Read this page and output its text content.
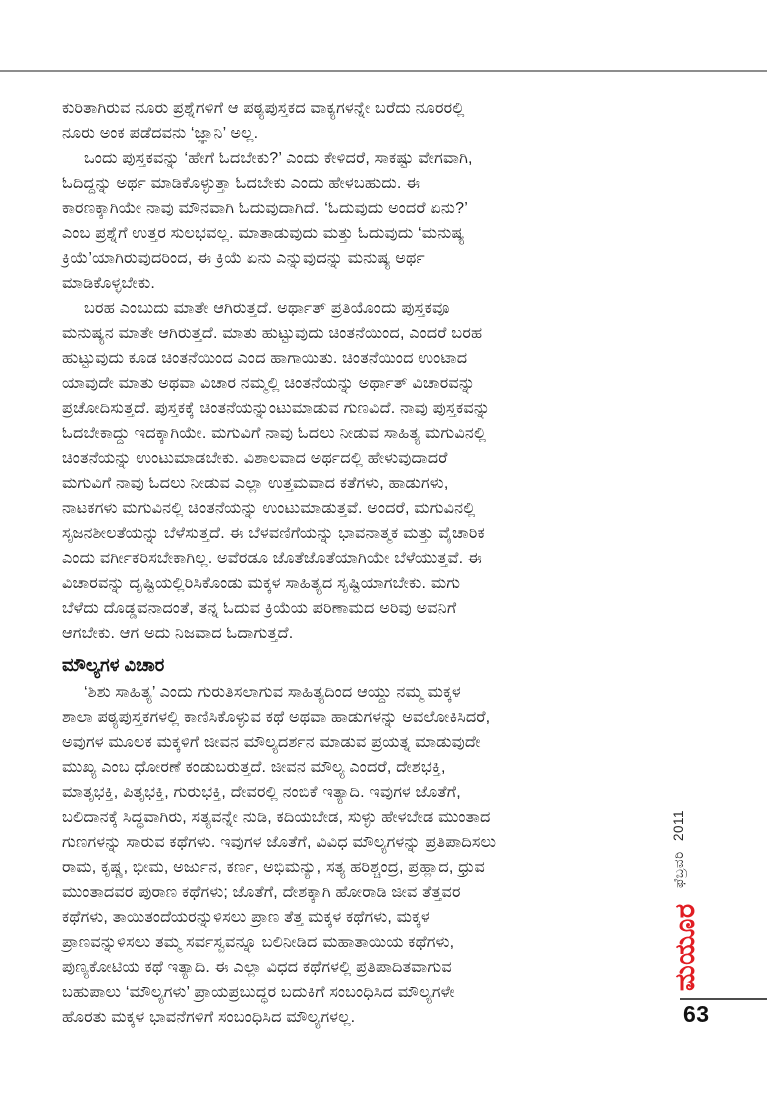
ಕುರಿತಾಗಿರುವ ನೂರು ಪ್ರಶ್ನೆಗಳಿಗೆ ಆ ಪಠ್ಯಪುಸ್ತಕದ ವಾಕ್ಯಗಳನ್ನೇ ಬರೆದು ನೂರರಲ್ಲಿ
ನೂರು ಅಂಕ ಪಡೆದವನು ‘ಜ್ಞಾನಿ’ ಅಲ್ಲ.
ಒಂದು ಪುಸ್ತಕವನ್ನು ‘ಹೇಗೆ ಓದಬೇಕು?’ ಎಂದು ಕೇಳಿದರೆ, ಸಾಕಷ್ಟು ವೇಗವಾಗಿ,
ಓದಿದ್ದನ್ನು ಅರ್ಥ ಮಾಡಿಕೊಳ್ಳುತ್ತಾ ಓದಬೇಕು ಎಂದು ಹೇಳಬಹುದು. ಈ
ಕಾರಣಕ್ಕಾಗಿಯೇ ನಾವು ಮೌನವಾಗಿ ಓದುವುದಾಗಿದೆ. ‘ಓದುವುದು ಅಂದರೆ ಏನು?’
ಎಂಬ ಪ್ರಶ್ನೆಗೆ ಉತ್ತರ ಸುಲಭವಲ್ಲ. ಮಾತಾಡುವುದು ಮತ್ತು ಓದುವುದು ‘ಮನುಷ್ಯ
ಕ್ರಿಯೆ’ಯಾಗಿರುವುದರಿಂದ, ಈ ಕ್ರಿಯೆ ಏನು ಎನ್ನುವುದನ್ನು ಮನುಷ್ಯ ಅರ್ಥ
ಮಾಡಿಕೊಳ್ಳಬೇಕು.
ಬರಹ ಎಂಬುದು ಮಾತೇ ಆಗಿರುತ್ತದೆ. ಅರ್ಥಾತ್ ಪ್ರತಿಯೊಂದು ಪುಸ್ತಕವೂ
ಮನುಷ್ಯನ ಮಾತೇ ಆಗಿರುತ್ತದೆ. ಮಾತು ಹುಟ್ಟುವುದು ಚಿಂತನೆಯಿಂದ, ಎಂದರೆ ಬರಹ
ಹುಟ್ಟುವುದು ಕೂಡ ಚಿಂತನೆಯಿಂದ ಎಂದ ಹಾಗಾಯಿತು. ಚಿಂತನೆಯಿಂದ ಉಂಟಾದ
ಯಾವುದೇ ಮಾತು ಅಥವಾ ವಿಚಾರ ನಮ್ಮಲ್ಲಿ ಚಿಂತನೆಯನ್ನು ಅರ್ಥಾತ್ ವಿಚಾರವನ್ನು
ಪ್ರಚೋದಿಸುತ್ತದೆ. ಪುಸ್ತಕಕ್ಕೆ ಚಿಂತನೆಯನ್ನುಂಟುಮಾಡುವ ಗುಣವಿದೆ. ನಾವು ಪುಸ್ತಕವನ್ನು
ಓದಬೇಕಾದ್ದು ಇದಕ್ಕಾಗಿಯೇ. ಮಗುವಿಗೆ ನಾವು ಓದಲು ನೀಡುವ ಸಾಹಿತ್ಯ ಮಗುವಿನಲ್ಲಿ
ಚಿಂತನೆಯನ್ನು ಉಂಟುಮಾಡಬೇಕು. ವಿಶಾಲವಾದ ಅರ್ಥದಲ್ಲಿ ಹೇಳುವುದಾದರೆ
ಮಗುವಿಗೆ ನಾವು ಓದಲು ನೀಡುವ ಎಲ್ಲಾ ಉತ್ತಮವಾದ ಕತೆಗಳು, ಹಾಡುಗಳು,
ನಾಟಕಗಳು ಮಗುವಿನಲ್ಲಿ ಚಿಂತನೆಯನ್ನು ಉಂಟುಮಾಡುತ್ತವೆ. ಅಂದರೆ, ಮಗುವಿನಲ್ಲಿ
ಸೃಜನಶೀಲತೆಯನ್ನು ಬೆಳೆಸುತ್ತದೆ. ಈ ಬೆಳವಣಿಗೆಯನ್ನು ಭಾವನಾತ್ಮಕ ಮತ್ತು ವೈಚಾರಿಕ
ಎಂದು ವರ್ಗೀಕರಿಸಬೇಕಾಗಿಲ್ಲ. ಅವೆರಡೂ ಜೊತೆಜೊತೆಯಾಗಿಯೇ ಬೆಳೆಯುತ್ತವೆ. ಈ
ವಿಚಾರವನ್ನು ದೃಷ್ಟಿಯಲ್ಲಿರಿಸಿಕೊಂಡು ಮಕ್ಕಳ ಸಾಹಿತ್ಯದ ಸೃಷ್ಟಿಯಾಗಬೇಕು. ಮಗು
ಬೆಳೆದು ದೊಡ್ಡವನಾದಂತೆ, ತನ್ನ ಓದುವ ಕ್ರಿಯೆಯ ಪರಿಣಾಮದ ಅರಿವು ಅವನಿಗೆ
ಆಗಬೇಕು. ಆಗ ಅದು ನಿಜವಾದ ಓದಾಗುತ್ತದೆ.
ಮೌಲ್ಯಗಳ ವಿಚಾರ
‘ಶಿಶು ಸಾಹಿತ್ಯ’ ಎಂದು ಗುರುತಿಸಲಾಗುವ ಸಾಹಿತ್ಯದಿಂದ ಆಯ್ದು ನಮ್ಮ ಮಕ್ಕಳ
ಶಾಲಾ ಪಠ್ಯಪುಸ್ತಕಗಳಲ್ಲಿ ಕಾಣಿಸಿಕೊಳ್ಳುವ ಕಥೆ ಅಥವಾ ಹಾಡುಗಳನ್ನು ಅವಲೋಕಿಸಿದರೆ,
ಅವುಗಳ ಮೂಲಕ ಮಕ್ಕಳಿಗೆ ಜೀವನ ಮೌಲ್ಯದರ್ಶನ ಮಾಡುವ ಪ್ರಯತ್ನ ಮಾಡುವುದೇ
ಮುಖ್ಯ ಎಂಬ ಧೋರಣೆ ಕಂಡುಬರುತ್ತದೆ. ಜೀವನ ಮೌಲ್ಯ ಎಂದರೆ, ದೇಶಭಕ್ತಿ,
ಮಾತೃಭಕ್ತಿ, ಪಿತೃಭಕ್ತಿ, ಗುರುಭಕ್ತಿ, ದೇವರಲ್ಲಿ ನಂಬಿಕೆ ಇತ್ಯಾದಿ. ಇವುಗಳ ಜೊತೆಗೆ,
ಬಲಿದಾನಕ್ಕೆ ಸಿದ್ಧವಾಗಿರು, ಸತ್ಯವನ್ನೇ ನುಡಿ, ಕದಿಯಬೇಡ, ಸುಳ್ಳು ಹೇಳಬೇಡ ಮುಂತಾದ
ಗುಣಗಳನ್ನು ಸಾರುವ ಕಥೆಗಳು. ಇವುಗಳ ಜೊತೆಗೆ, ವಿವಿಧ ಮೌಲ್ಯಗಳನ್ನು ಪ್ರತಿಪಾದಿಸಲು
ರಾಮ, ಕೃಷ್ಣ, ಭೀಮ, ಅರ್ಜುನ, ಕರ್ಣ, ಅಭಿಮನ್ಯು, ಸತ್ಯ ಹರಿಶ್ಚಂದ್ರ, ಪ್ರಹ್ಲಾದ, ಧ್ರುವ
ಮುಂತಾದವರ ಪುರಾಣ ಕಥೆಗಳು; ಜೊತೆಗೆ, ದೇಶಕ್ಕಾಗಿ ಹೋರಾಡಿ ಜೀವ ತೆತ್ತವರ
ಕಥೆಗಳು, ತಾಯಿತಂದೆಯರನ್ನುಳಿಸಲು ಪ್ರಾಣ ತೆತ್ತ ಮಕ್ಕಳ ಕಥೆಗಳು, ಮಕ್ಕಳ
ಪ್ರಾಣವನ್ನುಳಿಸಲು ತಮ್ಮ ಸರ್ವಸ್ವವನ್ನೂ ಬಲಿನೀಡಿದ ಮಹಾತಾಯಿಯ ಕಥೆಗಳು,
ಪುಣ್ಯಕೋಟಿಯ ಕಥೆ ಇತ್ಯಾದಿ. ಈ ಎಲ್ಲಾ ವಿಧದ ಕಥೆಗಳಲ್ಲಿ ಪ್ರತಿಪಾದಿತವಾಗುವ
ಬಹುಪಾಲು ‘ಮೌಲ್ಯಗಳು’ ಪ್ರಾಯಪ್ರಬುದ್ಧರ ಬದುಕಿಗೆ ಸಂಬಂಧಿಸಿದ ಮೌಲ್ಯಗಳೇ
ಹೊರತು ಮಕ್ಕಳ ಭಾವನೆಗಳಿಗೆ ಸಂಬಂಧಿಸಿದ ಮೌಲ್ಯಗಳಲ್ಲ.
ಫೆಬ್ರವರಿ 2011
ಮಯೂರ
63
